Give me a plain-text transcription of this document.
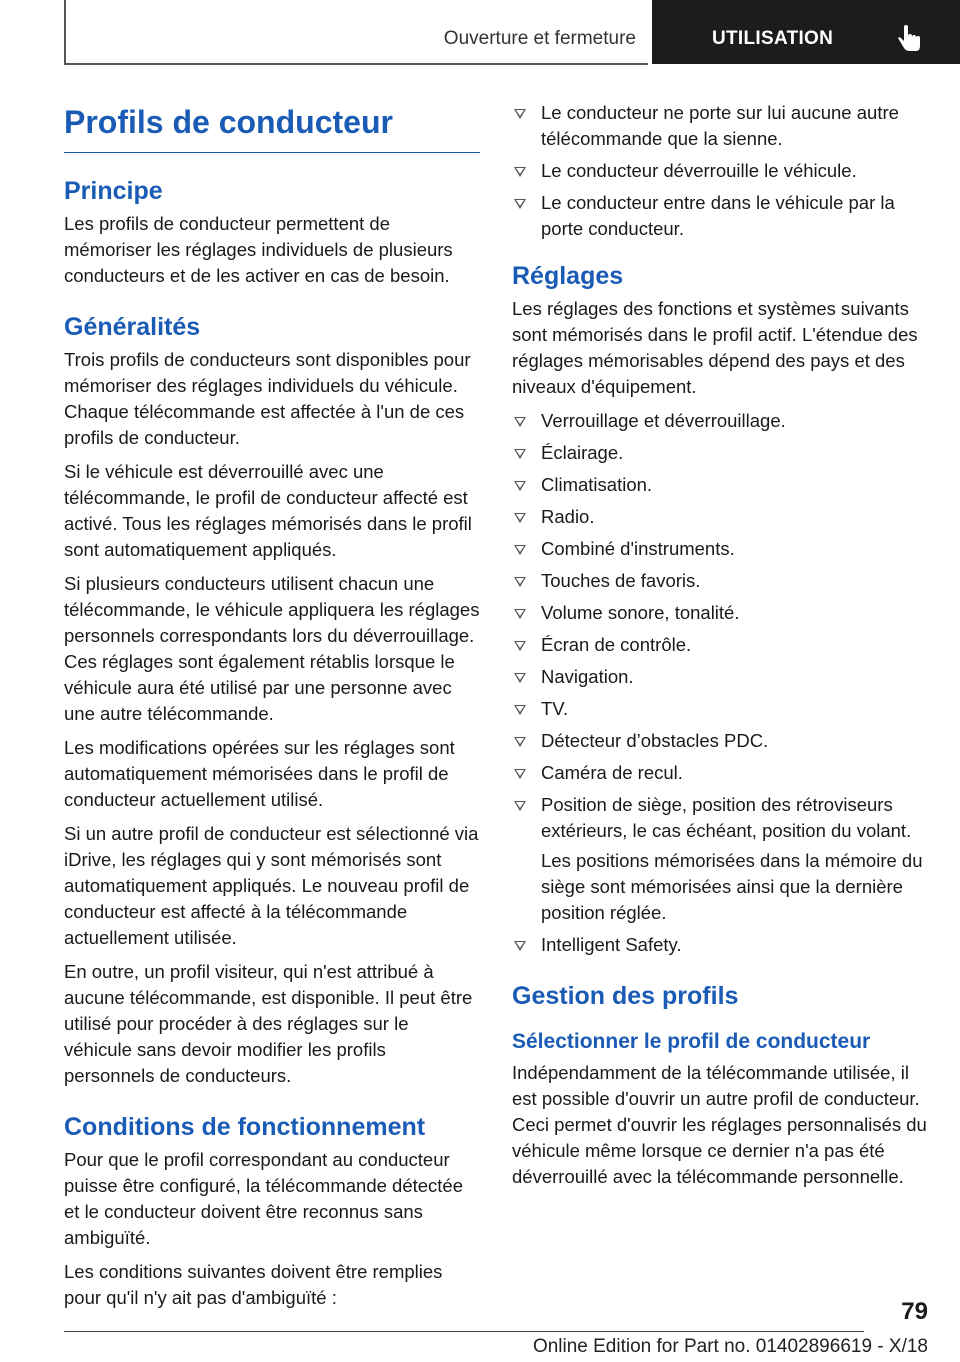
Ouverture et fermeture	UTILISATION
Profils de conducteur
Principe

Les profils de conducteur permettent de mémoriser les réglages individuels de plusieurs conducteurs et de les activer en cas de besoin.

Généralités

Trois profils de conducteurs sont disponibles pour mémoriser des réglages individuels du véhicule. Chaque télécommande est affectée à l'un de ces profils de conducteur.

Si le véhicule est déverrouillé avec une télécommande, le profil de conducteur affecté est activé. Tous les réglages mémorisés dans le profil sont automatiquement appliqués.

Si plusieurs conducteurs utilisent chacun une télécommande, le véhicule appliquera les réglages personnels correspondants lors du déverrouillage. Ces réglages sont également rétablis lorsque le véhicule aura été utilisé par une personne avec une autre télécommande.

Les modifications opérées sur les réglages sont automatiquement mémorisées dans le profil de conducteur actuellement utilisé.

Si un autre profil de conducteur est sélectionné via iDrive, les réglages qui y sont mémorisés sont automatiquement appliqués. Le nouveau profil de conducteur est affecté à la télécommande actuellement utilisée.

En outre, un profil visiteur, qui n'est attribué à aucune télécommande, est disponible. Il peut être utilisé pour procéder à des réglages sur le véhicule sans devoir modifier les profils personnels de conducteurs.

Conditions de fonctionnement

Pour que le profil correspondant au conducteur puisse être configuré, la télécommande détectée et le conducteur doivent être reconnus sans ambiguïté.

Les conditions suivantes doivent être remplies pour qu'il n'y ait pas d'ambiguïté :

Le conducteur ne porte sur lui aucune autre télécommande que la sienne.
Le conducteur déverrouille le véhicule.
Le conducteur entre dans le véhicule par la porte conducteur.
Réglages

Les réglages des fonctions et systèmes suivants sont mémorisés dans le profil actif. L'étendue des réglages mémorisables dépend des pays et des niveaux d'équipement.

Verrouillage et déverrouillage.
Éclairage.
Climatisation.
Radio.
Combiné d'instruments.
Touches de favoris.
Volume sonore, tonalité.
Écran de contrôle.
Navigation.
TV.
Détecteur d’obstacles PDC.
Caméra de recul.
Position de siège, position des rétroviseurs extérieurs, le cas échéant, position du volant.

Les positions mémorisées dans la mémoire du siège sont mémorisées ainsi que la dernière position réglée.

Intelligent Safety.
Gestion des profils
Sélectionner le profil de conducteur

Indépendamment de la télécommande utilisée, il est possible d'ouvrir un autre profil de conducteur. Ceci permet d'ouvrir les réglages personnalisés du véhicule même lorsque ce dernier n'a pas été déverrouillé avec la télécommande personnelle.

79
Online Edition for Part no. 01402896619 - X/18
